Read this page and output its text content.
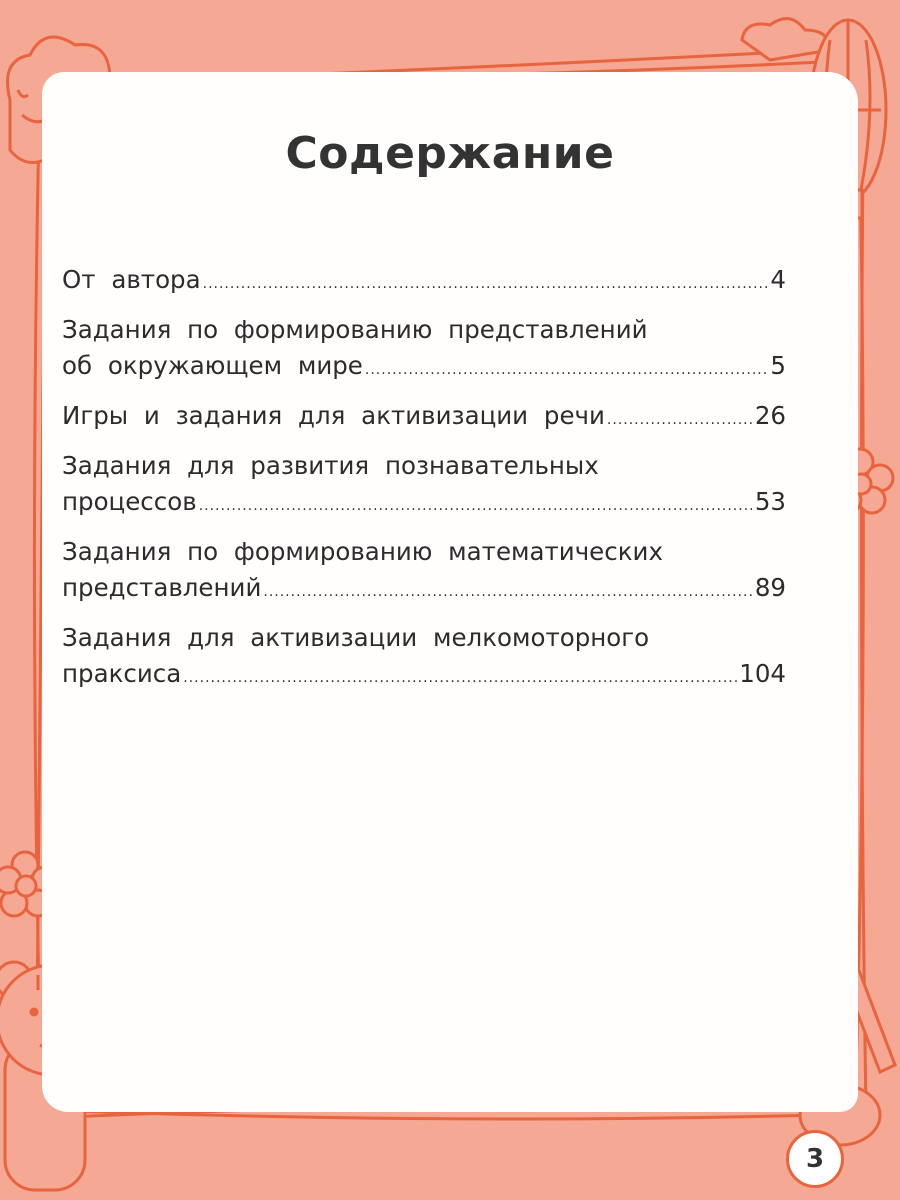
Содержание
От автора .....	4
Задания по формированию представлений
об окружающем мире .....	5
Игры и задания для активизации речи .....	26
Задания для развития познавательных
процессов .....	53
Задания по формированию математических
представлений .....	89
Задания для активизации мелкомоторного
праксиса .....	104
3
